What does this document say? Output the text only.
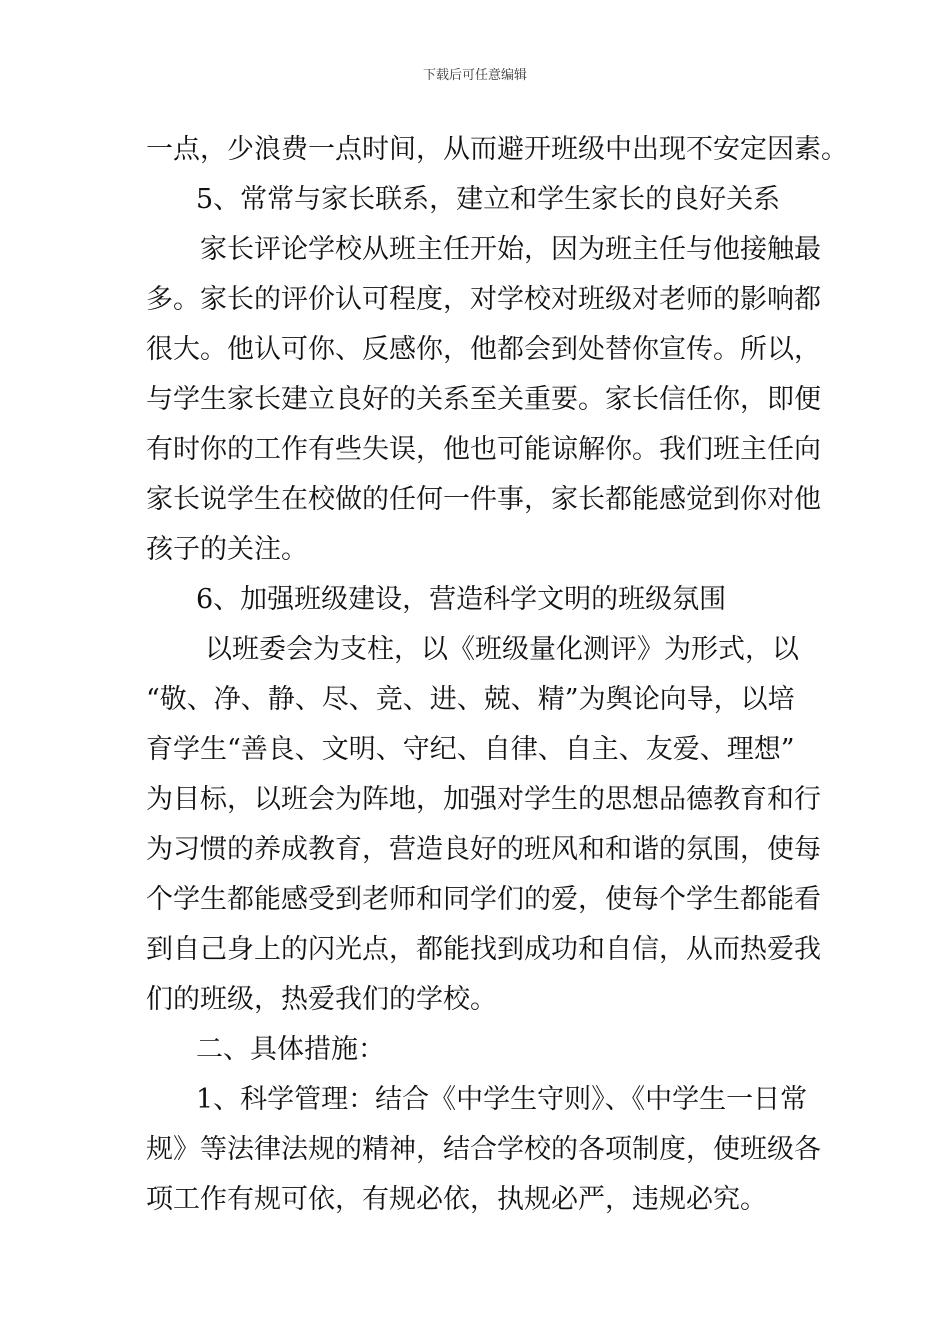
下载后可任意编辑
一点，少浪费一点时间，从而避开班级中出现不安定因素。
5、常常与家长联系，建立和学生家长的良好关系
家长评论学校从班主任开始，因为班主任与他接触最
多。家长的评价认可程度，对学校对班级对老师的影响都
很大。他认可你、反感你，他都会到处替你宣传。所以，
与学生家长建立良好的关系至关重要。家长信任你，即便
有时你的工作有些失误，他也可能谅解你。我们班主任向
家长说学生在校做的任何一件事，家长都能感觉到你对他
孩子的关注。
6、加强班级建设，营造科学文明的班级氛围
以班委会为支柱，以《班级量化测评》为形式，以
“敬、净、静、尽、竞、进、兢、精”为舆论向导，以培
育学生“善良、文明、守纪、自律、自主、友爱、理想”
为目标，以班会为阵地，加强对学生的思想品德教育和行
为习惯的养成教育，营造良好的班风和和谐的氛围，使每
个学生都能感受到老师和同学们的爱，使每个学生都能看
到自己身上的闪光点，都能找到成功和自信，从而热爱我
们的班级，热爱我们的学校。
二、具体措施：
1、科学管理：结合《中学生守则》、《中学生一日常
规》等法律法规的精神，结合学校的各项制度，使班级各
项工作有规可依，有规必依，执规必严，违规必究。
